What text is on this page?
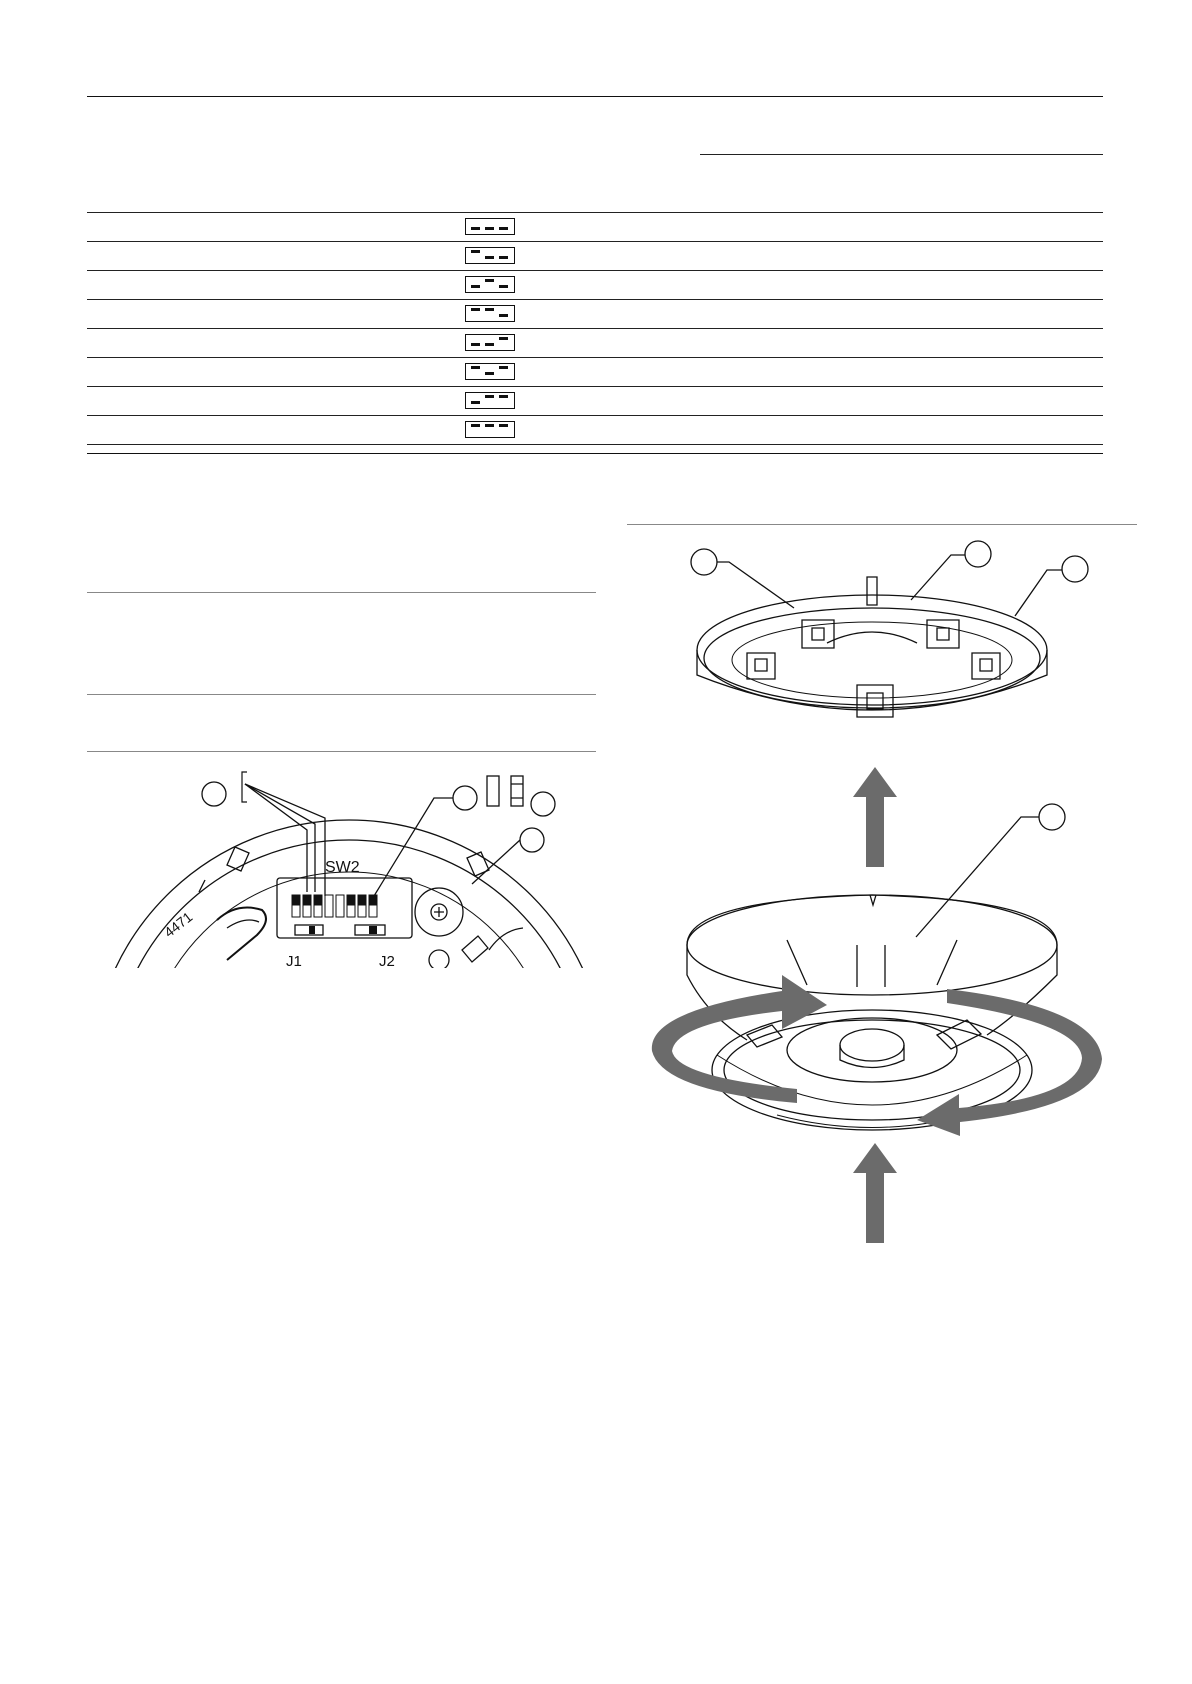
SW2
J1	J2
4471
